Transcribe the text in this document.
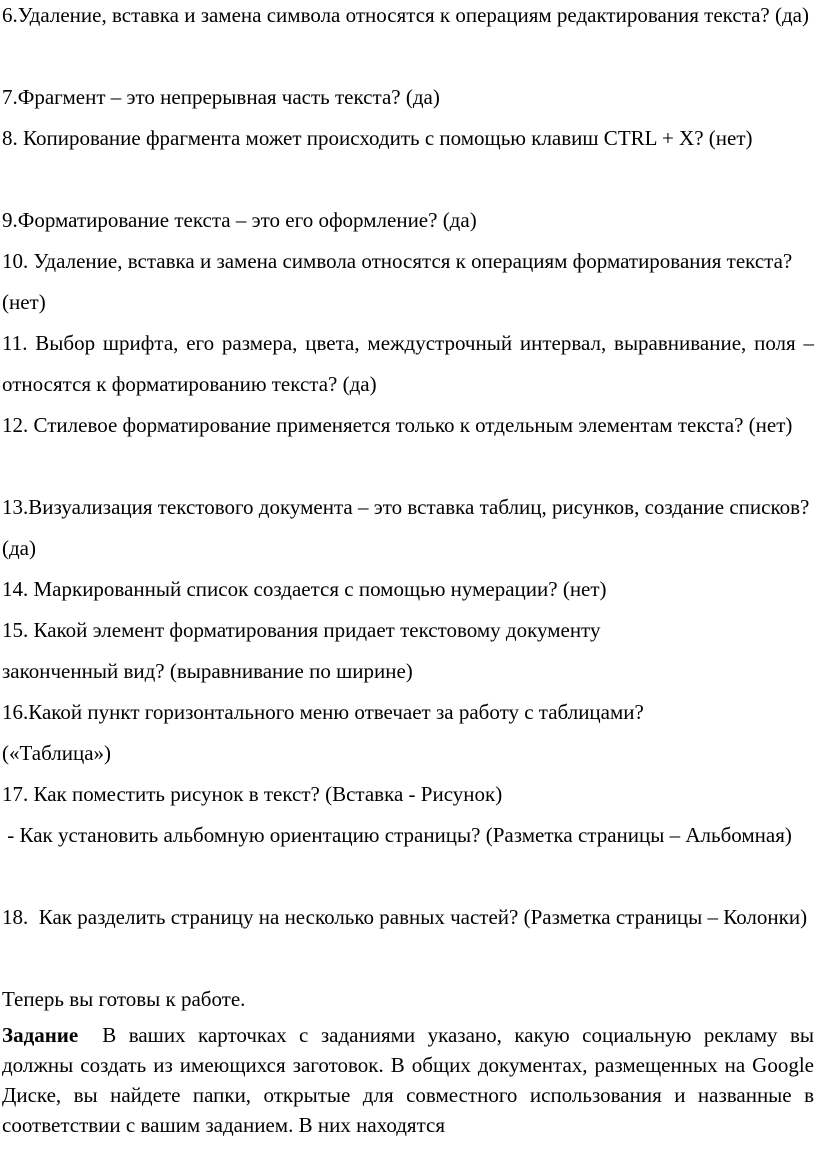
6.Удаление, вставка и замена символа относятся к операциям редактирования текста? (да)

7.Фрагмент – это непрерывная часть текста? (да)

8. Копирование фрагмента может происходить с помощью клавиш CTRL + X? (нет)

9.Форматирование текста – это его оформление? (да)

10. Удаление, вставка и замена символа относятся к операциям форматирования текста? (нет)

11. Выбор шрифта, его размера, цвета, междустрочный интервал, выравнивание, поля – относятся к форматированию текста? (да)

12. Стилевое форматирование применяется только к отдельным элементам текста? (нет)

13.Визуализация текстового документа – это вставка таблиц, рисунков, создание списков? (да)

14. Маркированный список создается с помощью нумерации? (нет)

15. Какой элемент форматирования придает текстовому документу

законченный вид? (выравнивание по ширине)

16.Какой пункт горизонтального меню отвечает за работу с таблицами? («Таблица»)

17. Как поместить рисунок в текст? (Вставка - Рисунок)

- Как установить альбомную ориентацию страницы? (Разметка страницы – Альбомная)

18.  Как разделить страницу на несколько равных частей? (Разметка страницы – Колонки)

Теперь вы готовы к работе.

Задание В ваших карточках с заданиями указано, какую социальную рекламу вы должны создать из имеющихся заготовок. В общих документах, размещенных на Google Диске, вы найдете папки, открытые для совместного использования и названные в соответствии с вашим заданием. В них находятся
